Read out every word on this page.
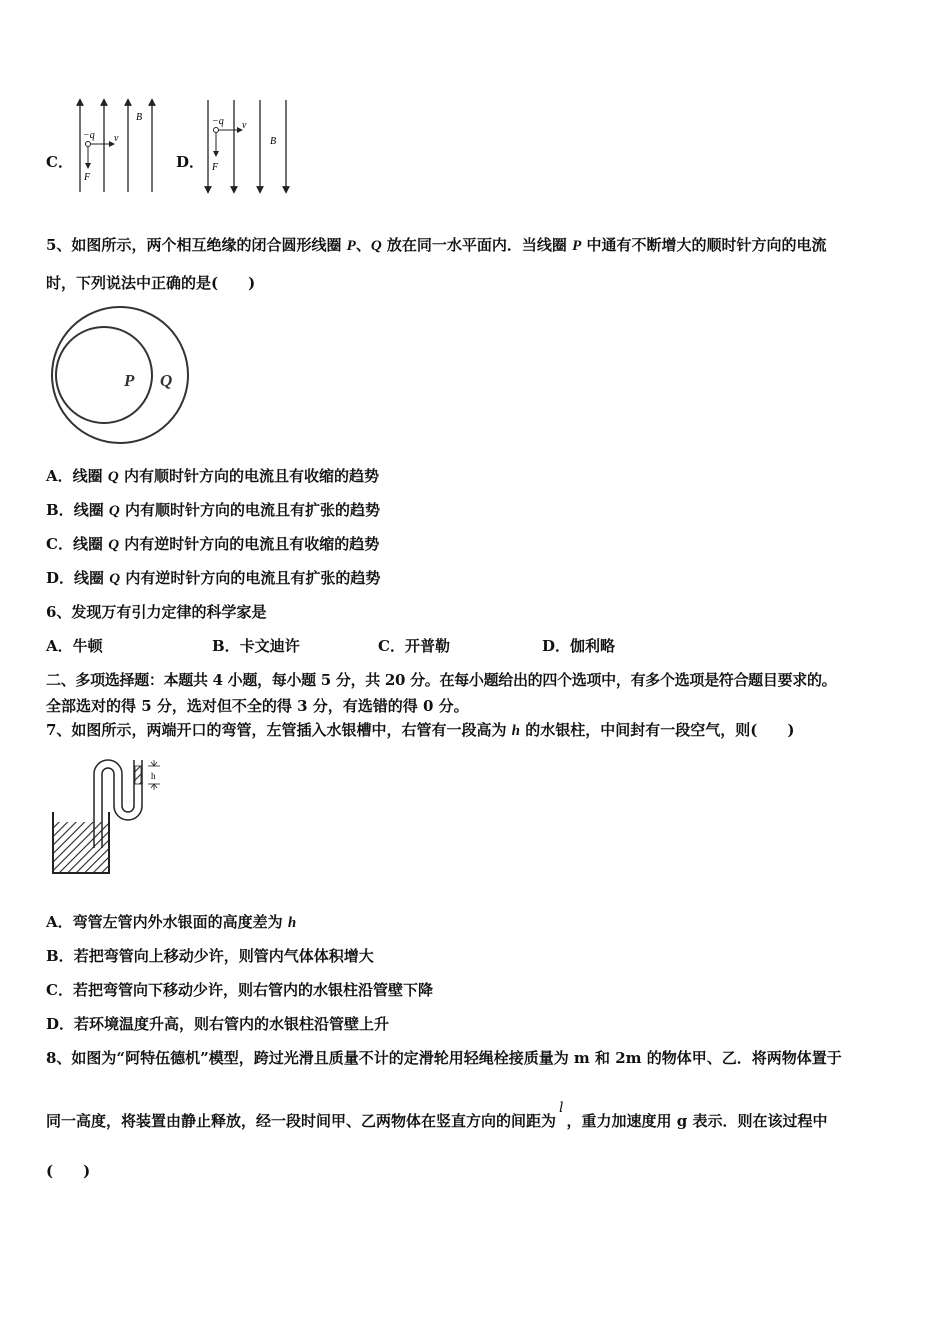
C．
−q v
F
B
D．
−q v
F
B
5、如图所示，两个相互绝缘的闭合圆形线圈 P、Q 放在同一水平面内．当线圈 P 中通有不断增大的顺时针方向的电流
时，下列说法中正确的是(　　)
P Q
A．线圈 Q 内有顺时针方向的电流且有收缩的趋势
B．线圈 Q 内有顺时针方向的电流且有扩张的趋势
C．线圈 Q 内有逆时针方向的电流且有收缩的趋势
D．线圈 Q 内有逆时针方向的电流且有扩张的趋势
6、发现万有引力定律的科学家是
A．牛顿	B．卡文迪许	C．开普勒	D．伽利略
二、多项选择题：本题共 4 小题，每小题 5 分，共 20 分。在每小题给出的四个选项中，有多个选项是符合题目要求的。
全部选对的得 5 分，选对但不全的得 3 分，有选错的得 0 分。
7、如图所示，两端开口的弯管，左管插入水银槽中，右管有一段高为 h 的水银柱，中间封有一段空气，则(　　)
h
A．弯管左管内外水银面的高度差为 h
B．若把弯管向上移动少许，则管内气体体积增大
C．若把弯管向下移动少许，则右管内的水银柱沿管壁下降
D．若环境温度升高，则右管内的水银柱沿管壁上升
8、如图为“阿特伍德机”模型，跨过光滑且质量不计的定滑轮用轻绳栓接质量为 m 和 2m 的物体甲、乙．将两物体置于
同一高度，将装置由静止释放，经一段时间甲、乙两物体在竖直方向的间距为l，重力加速度用 g 表示．则在该过程中
(　　)
